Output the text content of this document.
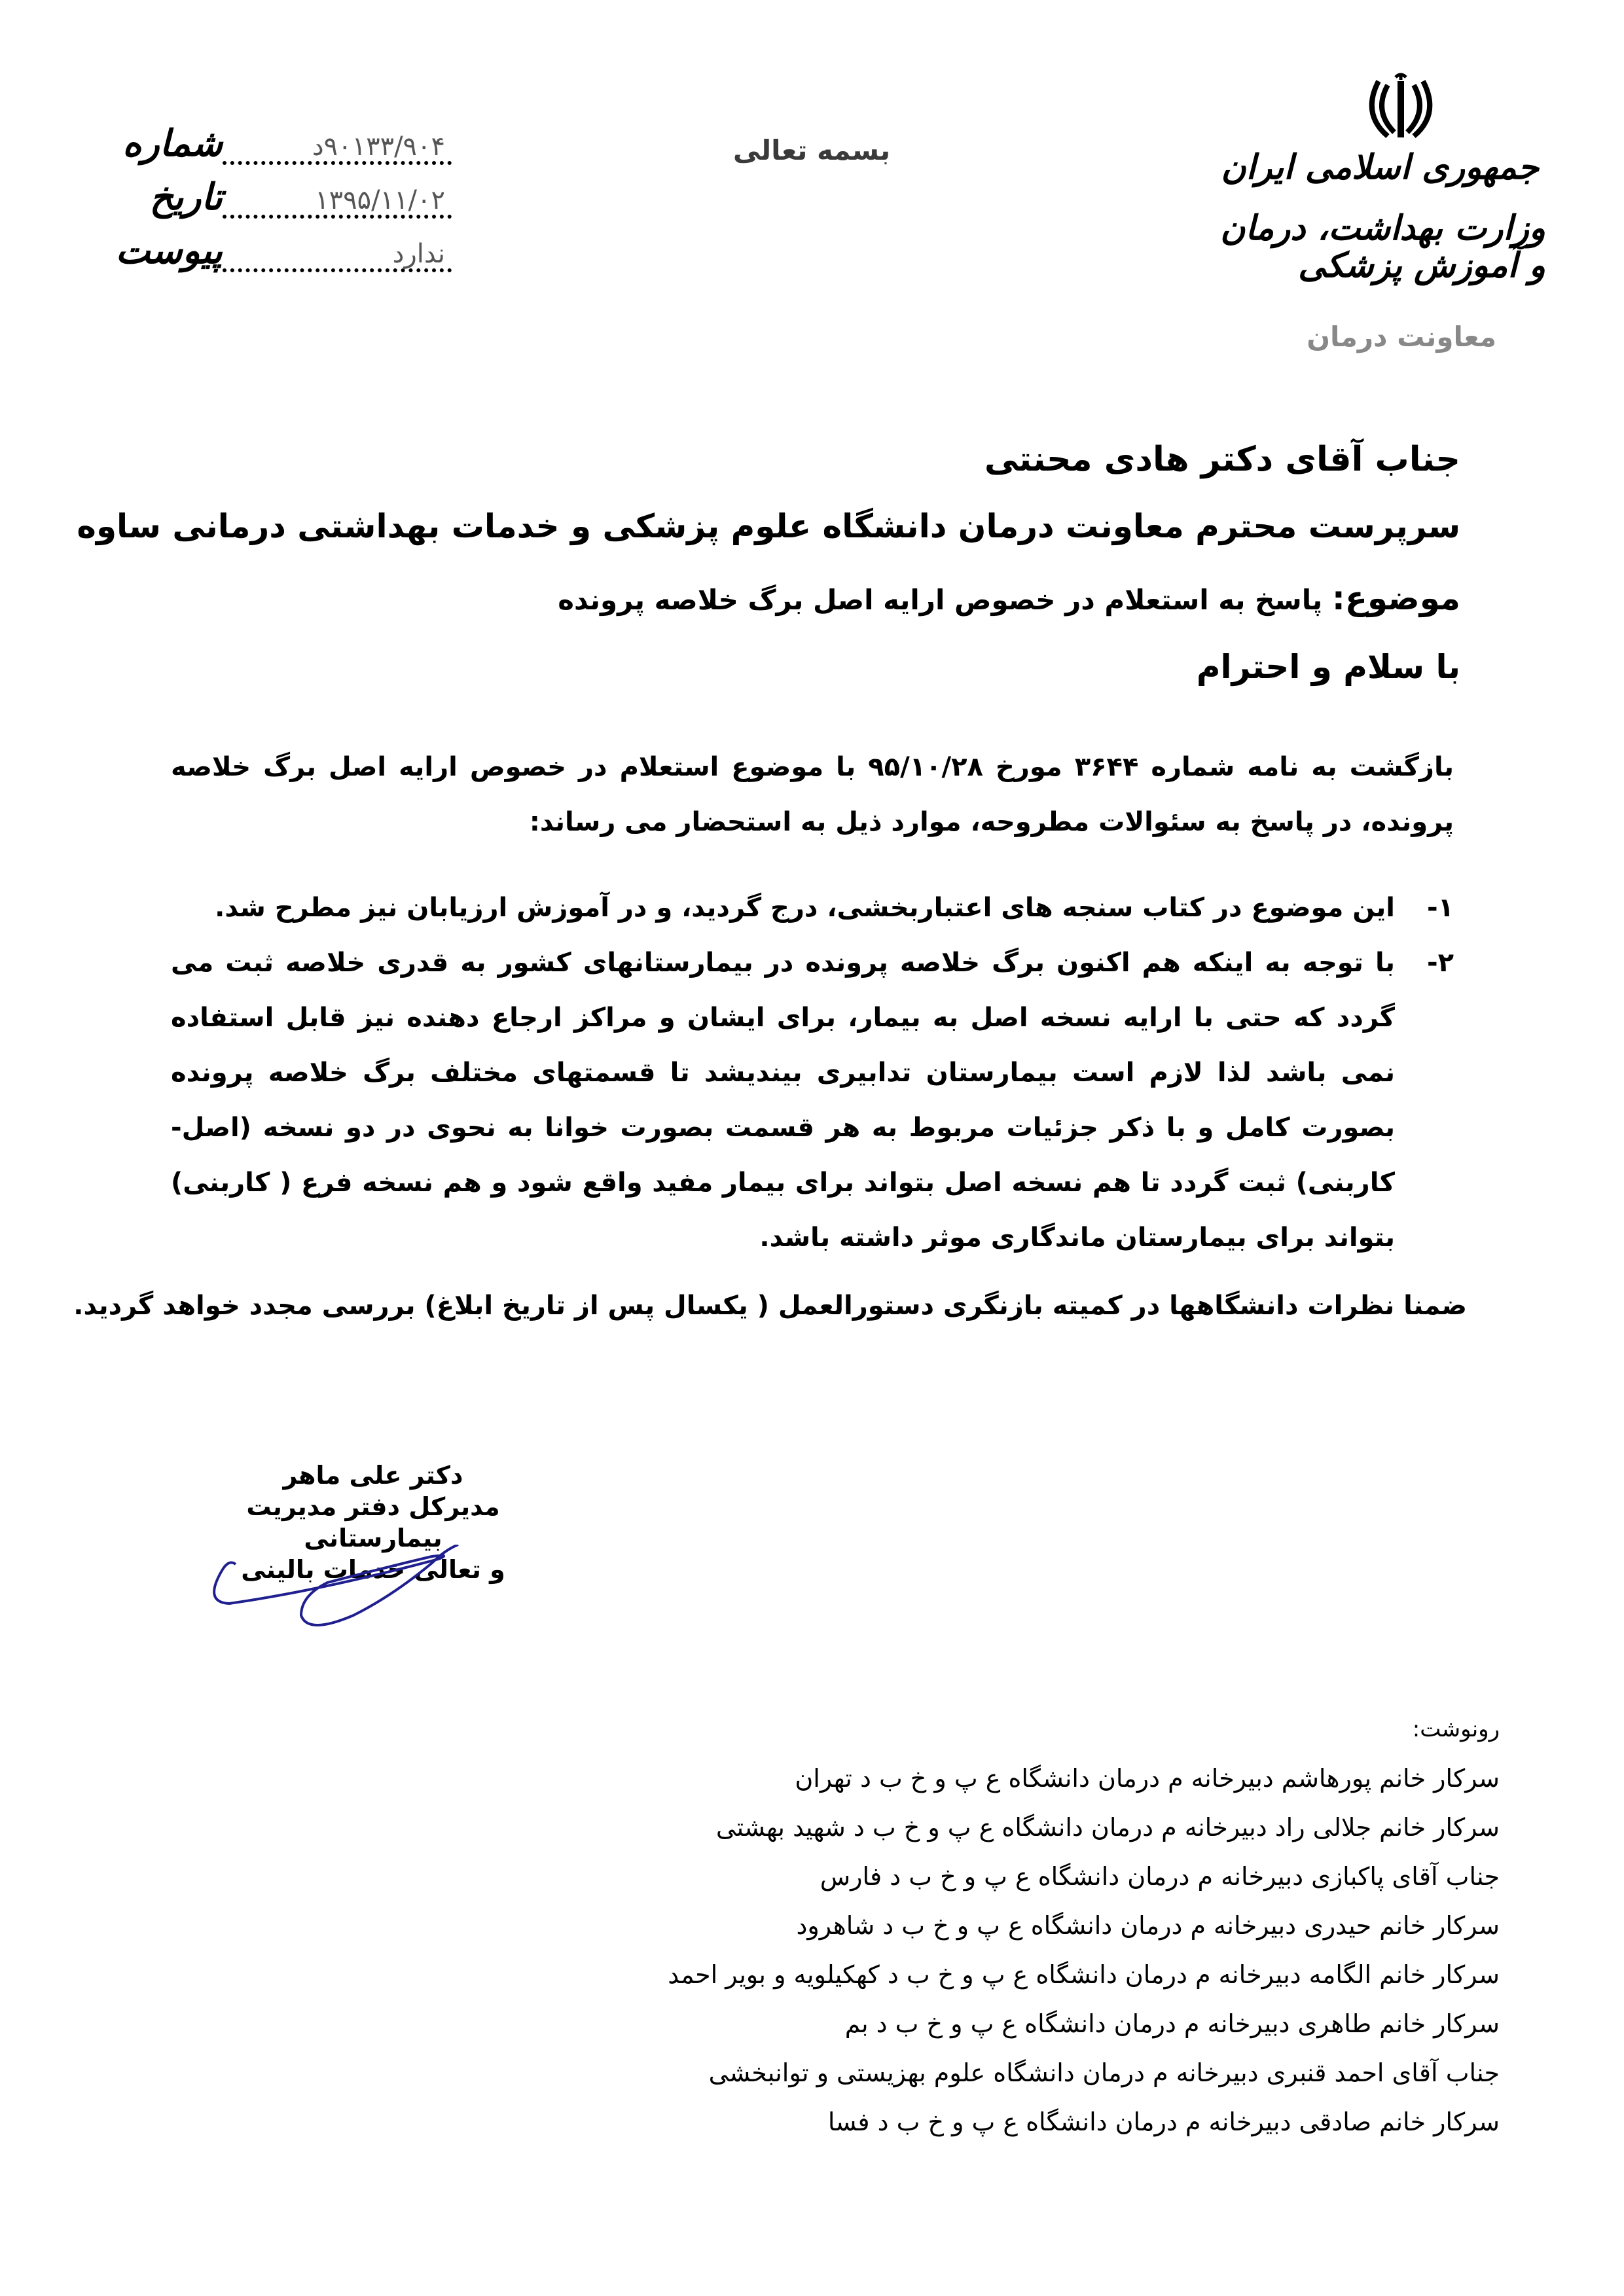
شماره	۹۰۱۳۳/۹۰۴د
تاریخ	۱۳۹۵/۱۱/۰۲
پیوست	ندارد
بسمه تعالی	جمهوری اسلامی ایران
وزارت بهداشت، درمان و آموزش پزشکی
معاونت درمان
جناب آقای دکتر هادی محنتی
سرپرست محترم معاونت درمان دانشگاه علوم پزشکی و خدمات بهداشتی درمانی ساوه
موضوع: پاسخ به استعلام در خصوص ارایه اصل برگ خلاصه پرونده
با سلام و احترام
بازگشت به نامه شماره ۳۶۴۴ مورخ ۹۵/۱۰/۲۸ با موضوع استعلام در خصوص ارایه اصل برگ خلاصه پرونده، در پاسخ به سئوالات مطروحه، موارد ذیل به استحضار می رساند:
۱-
این موضوع در کتاب سنجه های اعتباربخشی، درج گردید، و در آموزش ارزیابان نیز مطرح شد.
۲-
با توجه به اینکه هم اکنون برگ خلاصه پرونده در بیمارستانهای کشور به قدری خلاصه ثبت می گردد که حتی با ارایه نسخه اصل به بیمار، برای ایشان و مراکز ارجاع دهنده نیز قابل استفاده نمی باشد لذا لازم است بیمارستان تدابیری بیندیشد تا قسمتهای مختلف برگ خلاصه پرونده بصورت کامل و با ذکر جزئیات مربوط به هر قسمت بصورت خوانا به نحوی در دو نسخه (اصل- کاربنی) ثبت گردد تا هم نسخه اصل بتواند برای بیمار مفید واقع شود و هم نسخه فرع ( کاربنی) بتواند برای بیمارستان ماندگاری موثر داشته باشد.
ضمنا نظرات دانشگاهها در کمیته بازنگری دستورالعمل ( یکسال پس از تاریخ ابلاغ) بررسی مجدد خواهد گردید.
دکتر علی ماهر
مدیرکل دفتر مدیریت بیمارستانی
و تعالی خدمات بالینی
رونوشت:
سرکار خانم پورهاشم دبیرخانه م درمان دانشگاه ع پ و خ ب د تهران
سرکار خانم جلالی راد دبیرخانه م درمان دانشگاه ع پ و خ ب د شهید بهشتی
جناب آقای پاکبازی دبیرخانه م درمان دانشگاه ع پ و خ ب د فارس
سرکار خانم حیدری دبیرخانه م درمان دانشگاه ع پ و خ ب د شاهرود
سرکار خانم الگامه دبیرخانه م درمان دانشگاه ع پ و خ ب د کهکیلویه و بویر احمد
سرکار خانم طاهری دبیرخانه م درمان دانشگاه ع پ و خ ب د بم
جناب آقای احمد قنبری دبیرخانه م درمان دانشگاه علوم بهزیستی و توانبخشی
سرکار خانم صادقی دبیرخانه م درمان دانشگاه ع پ و خ ب د فسا
